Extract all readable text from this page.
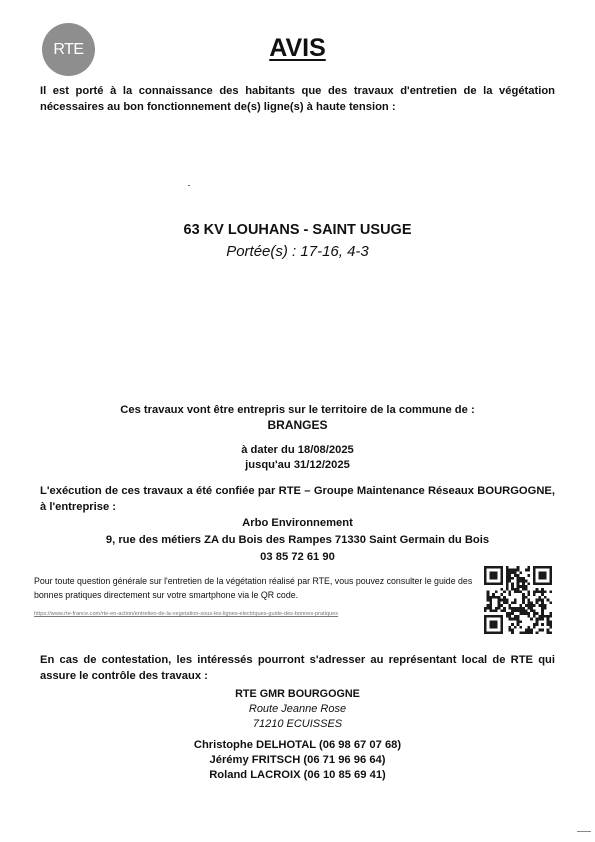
RTE	AVIS
Il est porté à la connaissance des habitants que des travaux d'entretien de la végétation nécessaires au bon fonctionnement de(s) ligne(s) à haute tension :
63 KV LOUHANS - SAINT USUGE
Portée(s) : 17-16, 4-3
Ces travaux vont être entrepris sur le territoire de la commune de :
BRANGES
à dater du 18/08/2025
jusqu'au 31/12/2025
L'exécution de ces travaux a été confiée par RTE – Groupe Maintenance Réseaux BOURGOGNE, à l'entreprise :
Arbo Environnement
9, rue des métiers ZA du Bois des Rampes 71330 Saint Germain du Bois
03 85 72 61 90
Pour toute question générale sur l'entretien de la végétation réalisé par RTE, vous pouvez consulter le guide des bonnes pratiques directement sur votre smartphone via le QR code.
https://www.rte-france.com/rte-en-action/entretien-de-la-vegetation-sous-les-lignes-electriques-guide-des-bonnes-pratiques
En cas de contestation, les intéressés pourront s'adresser au représentant local de RTE qui assure le contrôle des travaux :
RTE GMR BOURGOGNE
Route Jeanne Rose
71210 ECUISSES
Christophe DELHOTAL (06 98 67 07 68)
Jérémy FRITSCH (06 71 96 96 64)
Roland LACROIX (06 10 85 69 41)
